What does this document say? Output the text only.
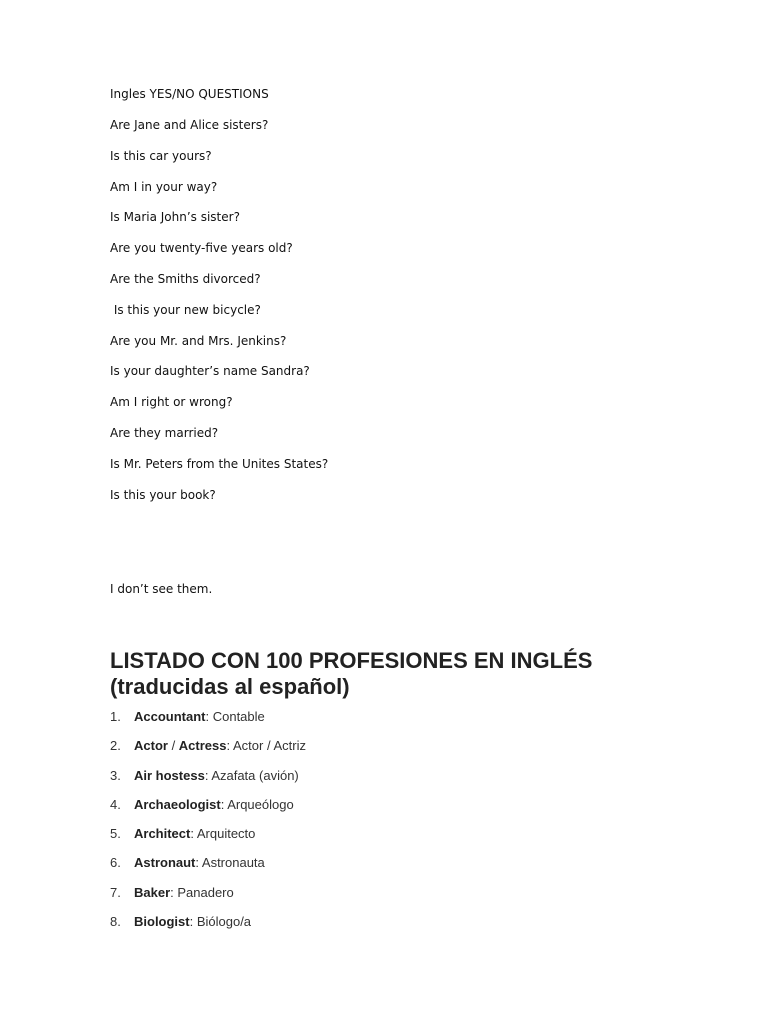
Ingles YES/NO QUESTIONS

Are Jane and Alice sisters?

Is this car yours?

Am I in your way?

Is Maria John’s sister?

Are you twenty-five years old?

Are the Smiths divorced?

Is this your new bicycle?

Are you Mr. and Mrs. Jenkins?

Is your daughter’s name Sandra?

Am I right or wrong?

Are they married?

Is Mr. Peters from the Unites States?

Is this your book?

I don’t see them.

LISTADO CON 100 PROFESIONES EN INGLÉS (traducidas al español)
1. Accountant: Contable
2. Actor / Actress: Actor / Actriz
3. Air hostess: Azafata (avión)
4. Archaeologist: Arqueólogo
5. Architect: Arquitecto
6. Astronaut: Astronauta
7. Baker: Panadero
8. Biologist: Biólogo/a
